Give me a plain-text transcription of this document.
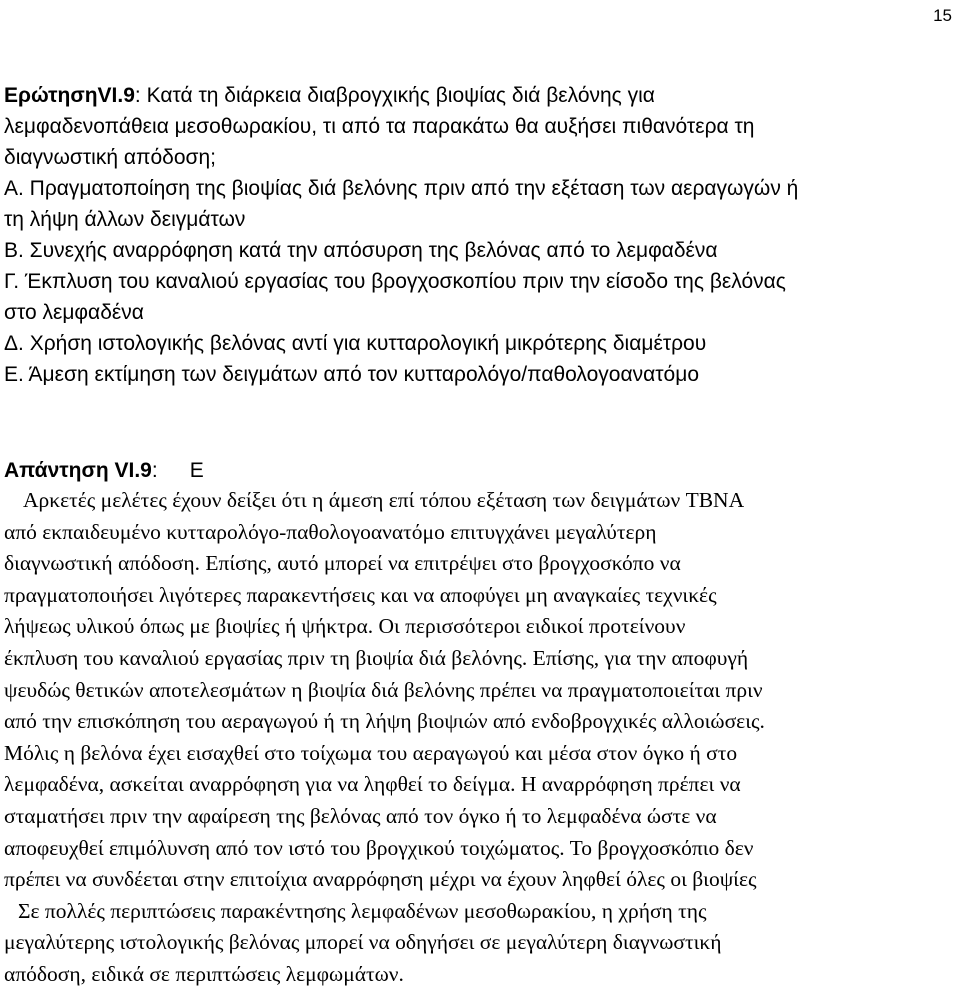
15
ΕρώτησηVI.9: Κατά τη διάρκεια διαβρογχικής βιοψίας διά βελόνης για
λεμφαδενοπάθεια μεσοθωρακίου, τι από τα παρακάτω θα αυξήσει πιθανότερα τη
διαγνωστική απόδοση;
Α. Πραγματοποίηση της βιοψίας διά βελόνης πριν από την εξέταση των αεραγωγών ή
τη λήψη άλλων δειγμάτων
Β. Συνεχής αναρρόφηση κατά την απόσυρση της βελόνας από το λεμφαδένα
Γ. Έκπλυση του καναλιού εργασίας του βρογχοσκοπίου πριν την είσοδο της βελόνας
στο λεμφαδένα
Δ. Χρήση ιστολογικής βελόνας αντί για κυτταρολογική μικρότερης διαμέτρου
Ε. Άμεση εκτίμηση των δειγμάτων από τον κυτταρολόγο/παθολογοανατόμο
Απάντηση VI.9: Ε
Αρκετές μελέτες έχουν δείξει ότι η άμεση επί τόπου εξέταση των δειγμάτων TBNA
από εκπαιδευμένο κυτταρολόγο-παθολογοανατόμο επιτυγχάνει μεγαλύτερη
διαγνωστική απόδοση. Επίσης, αυτό μπορεί να επιτρέψει στο βρογχοσκόπο να
πραγματοποιήσει λιγότερες παρακεντήσεις και να αποφύγει μη αναγκαίες τεχνικές
λήψεως υλικού όπως με βιοψίες ή ψήκτρα. Οι περισσότεροι ειδικοί προτείνουν
έκπλυση του καναλιού εργασίας πριν τη βιοψία διά βελόνης. Επίσης, για την αποφυγή
ψευδώς θετικών αποτελεσμάτων η βιοψία διά βελόνης πρέπει να πραγματοποιείται πριν
από την επισκόπηση του αεραγωγού ή τη λήψη βιοψιών από ενδοβρογχικές αλλοιώσεις.
Μόλις η βελόνα έχει εισαχθεί στο τοίχωμα του αεραγωγού και μέσα στον όγκο ή στο
λεμφαδένα, ασκείται αναρρόφηση για να ληφθεί το δείγμα. Η αναρρόφηση πρέπει να
σταματήσει πριν την αφαίρεση της βελόνας από τον όγκο ή το λεμφαδένα ώστε να
αποφευχθεί επιμόλυνση από τον ιστό του βρογχικού τοιχώματος. Το βρογχοσκόπιο δεν
πρέπει να συνδέεται στην επιτοίχια αναρρόφηση μέχρι να έχουν ληφθεί όλες οι βιοψίες
Σε πολλές περιπτώσεις παρακέντησης λεμφαδένων μεσοθωρακίου, η χρήση της
μεγαλύτερης ιστολογικής βελόνας μπορεί να οδηγήσει σε μεγαλύτερη διαγνωστική
απόδοση, ειδικά σε περιπτώσεις λεμφωμάτων.
